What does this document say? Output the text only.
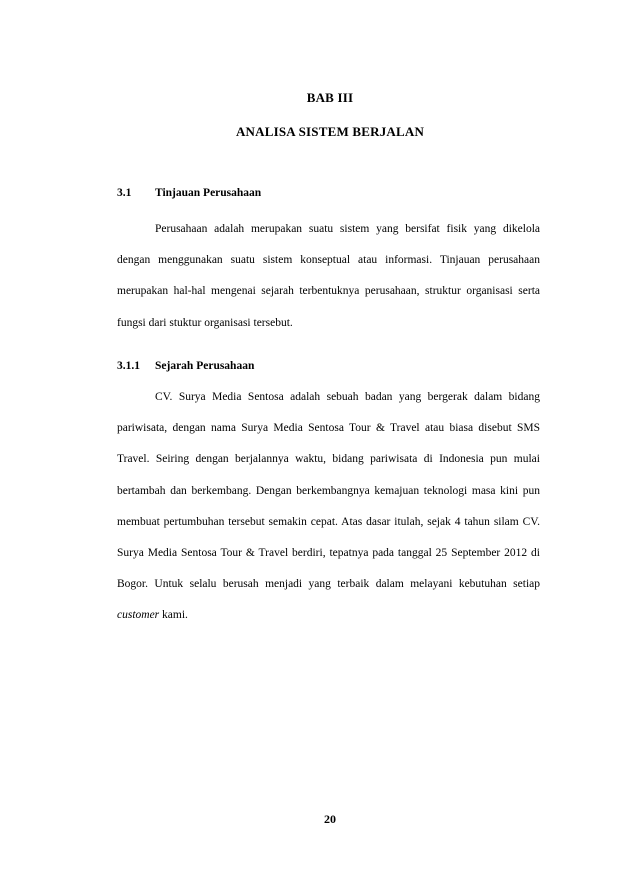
BAB III
ANALISA SISTEM BERJALAN
3.1 Tinjauan Perusahaan

Perusahaan adalah merupakan suatu sistem yang bersifat fisik yang dikelola dengan menggunakan suatu sistem konseptual atau informasi. Tinjauan perusahaan merupakan hal-hal mengenai sejarah terbentuknya perusahaan, struktur organisasi serta fungsi dari stuktur organisasi tersebut.

3.1.1 Sejarah Perusahaan

CV. Surya Media Sentosa adalah sebuah badan yang bergerak dalam bidang pariwisata, dengan nama Surya Media Sentosa Tour & Travel atau biasa disebut SMS Travel. Seiring dengan berjalannya waktu, bidang pariwisata di Indonesia pun mulai bertambah dan berkembang. Dengan berkembangnya kemajuan teknologi masa kini pun membuat pertumbuhan tersebut semakin cepat. Atas dasar itulah, sejak 4 tahun silam CV. Surya Media Sentosa Tour & Travel berdiri, tepatnya pada tanggal 25 September 2012 di Bogor. Untuk selalu berusah menjadi yang terbaik dalam melayani kebutuhan setiap customer kami.

20
